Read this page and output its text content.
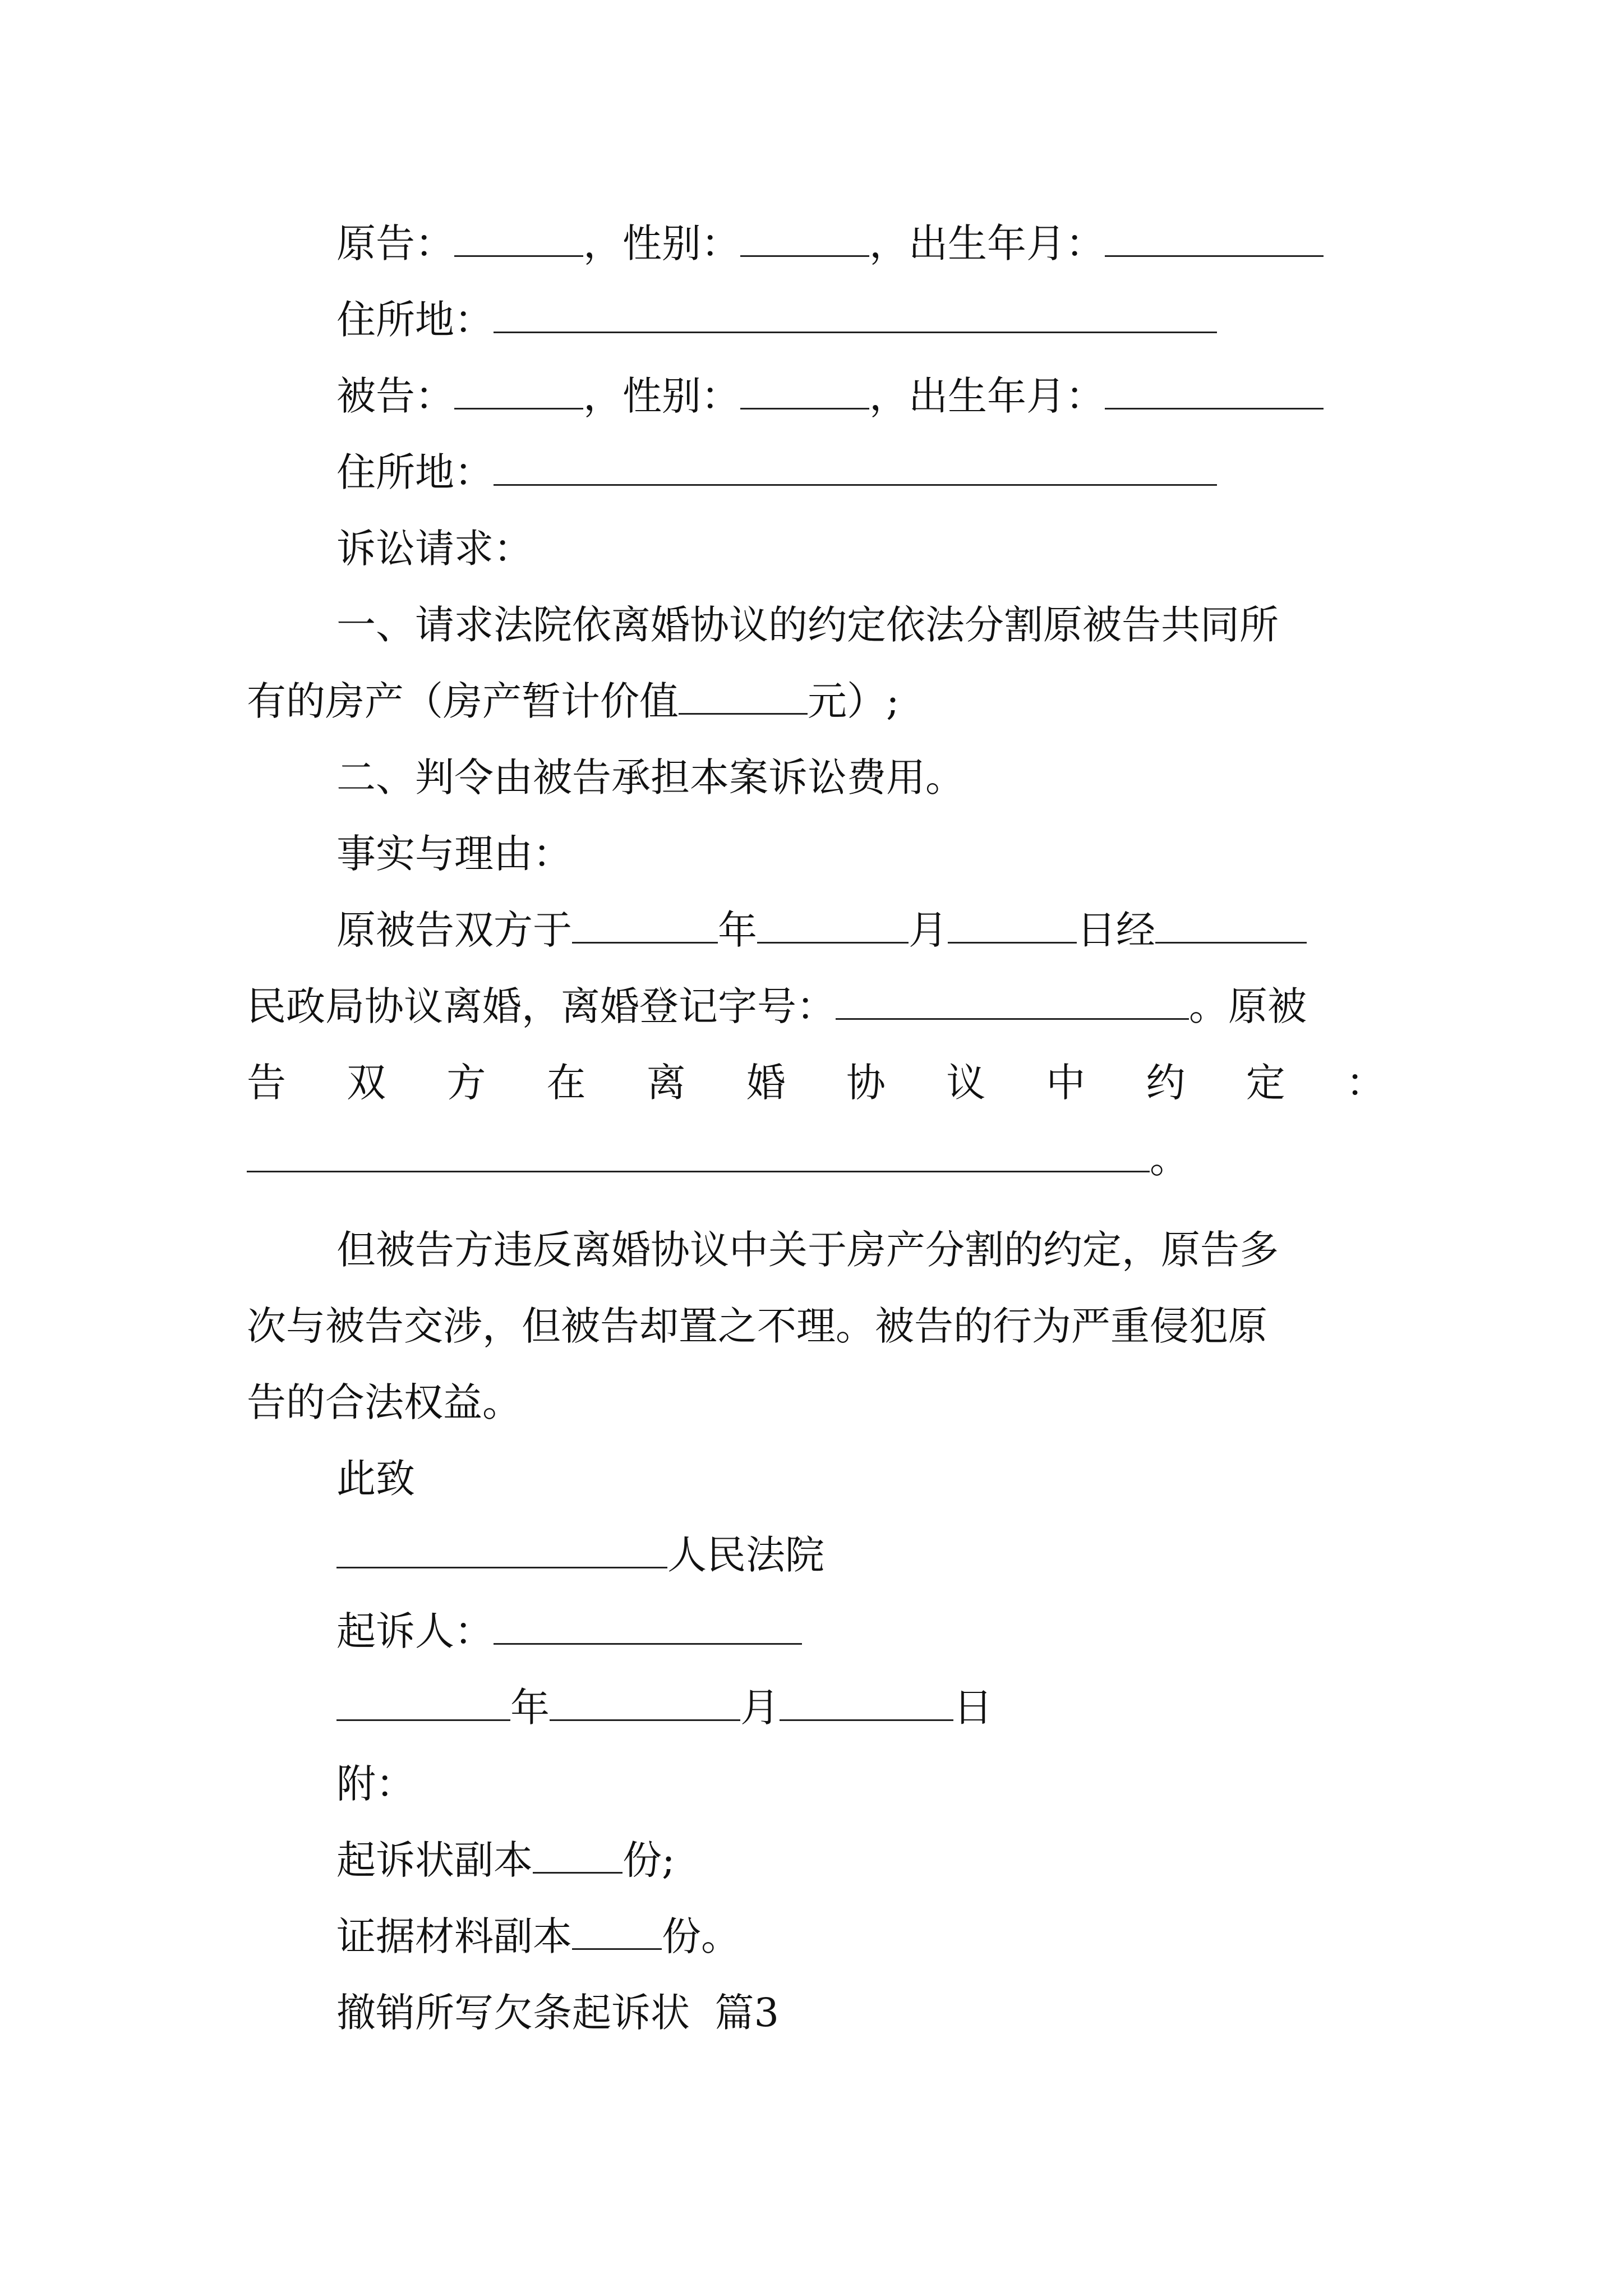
原告：	，性别：	，出生年月：
住所地：
被告：	，性别：	，出生年月：
住所地：
诉讼请求：
一、请求法院依离婚协议的约定依法分割原被告共同所
有的房产（房产暂计价值	元）;
二、判令由被告承担本案诉讼费用。
事实与理由：
原被告双方于	年	月	日经
民政局协议离婚，离婚登记字号：	。原被
告 双 方 在 离 婚 协 议 中 约 定 ：
。
但被告方违反离婚协议中关于房产分割的约定，原告多
次与被告交涉，但被告却置之不理。被告的行为严重侵犯原
告的合法权益。
此致
人民法院
起诉人：
年	月	日
附：
起诉状副本 份;
证据材料副本 份。
撤销所写欠条起诉状  篇3
